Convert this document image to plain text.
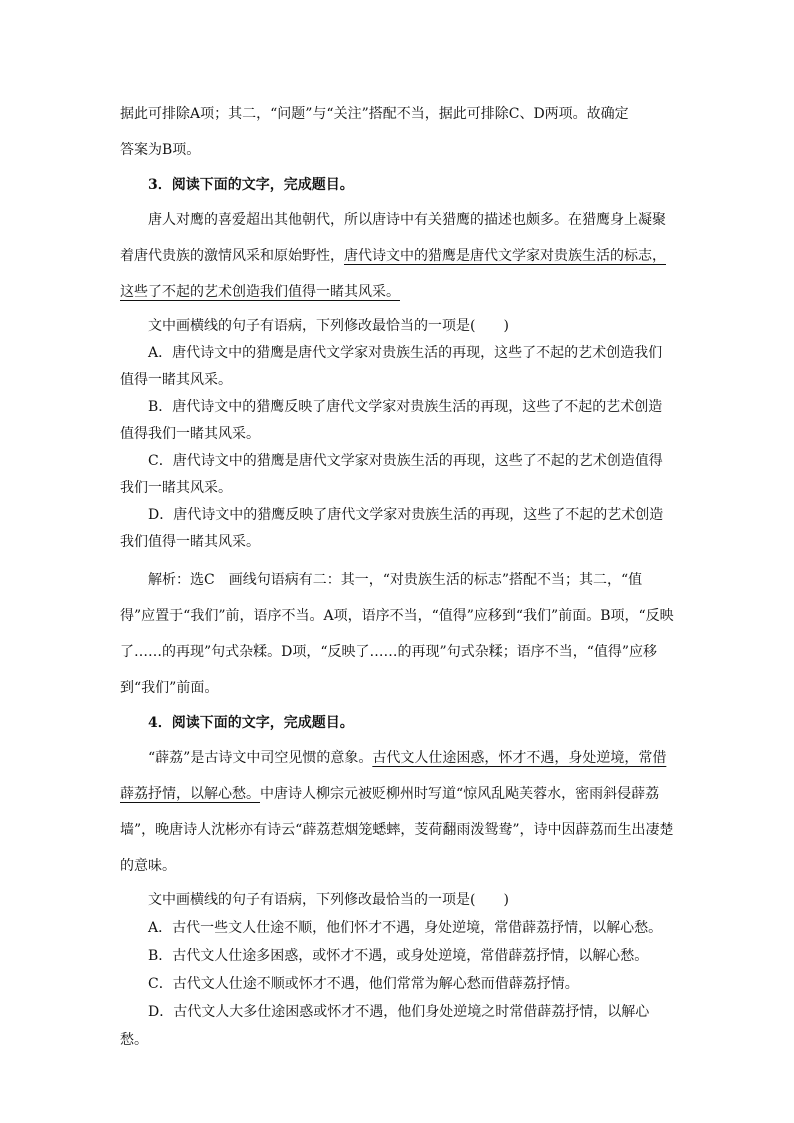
据此可排除A项；其二，“问题”与“关注”搭配不当，据此可排除C、D两项。故确定
答案为B项。

3．阅读下面的文字，完成题目。

唐人对鹰的喜爱超出其他朝代，所以唐诗中有关猎鹰的描述也颇多。在猎鹰身上凝聚着唐代贵族的激情风采和原始野性，唐代诗文中的猎鹰是唐代文学家对贵族生活的标志，这些了不起的艺术创造我们值得一睹其风采。

文中画横线的句子有语病，下列修改最恰当的一项是(　　)

A．唐代诗文中的猎鹰是唐代文学家对贵族生活的再现，这些了不起的艺术创造我们值得一睹其风采。

B．唐代诗文中的猎鹰反映了唐代文学家对贵族生活的再现，这些了不起的艺术创造值得我们一睹其风采。

C．唐代诗文中的猎鹰是唐代文学家对贵族生活的再现，这些了不起的艺术创造值得我们一睹其风采。

D．唐代诗文中的猎鹰反映了唐代文学家对贵族生活的再现，这些了不起的艺术创造我们值得一睹其风采。

解析：选C　画线句语病有二：其一，“对贵族生活的标志”搭配不当；其二，“值得”应置于“我们”前，语序不当。A项，语序不当，“值得”应移到“我们”前面。B项，“反映了……的再现”句式杂糅。D项，“反映了……的再现”句式杂糅；语序不当，“值得”应移到“我们”前面。

4．阅读下面的文字，完成题目。

“薜荔”是古诗文中司空见惯的意象。古代文人仕途困惑，怀才不遇，身处逆境，常借薜荔抒情，以解心愁。中唐诗人柳宗元被贬柳州时写道“惊风乱飐芙蓉水，密雨斜侵薜荔墙”，晚唐诗人沈彬亦有诗云“薜荔惹烟笼蟋蟀，芰荷翻雨泼鸳鸯”，诗中因薜荔而生出凄楚的意味。

文中画横线的句子有语病，下列修改最恰当的一项是(　　)

A．古代一些文人仕途不顺，他们怀才不遇，身处逆境，常借薜荔抒情，以解心愁。

B．古代文人仕途多困惑，或怀才不遇，或身处逆境，常借薜荔抒情，以解心愁。

C．古代文人仕途不顺或怀才不遇，他们常常为解心愁而借薜荔抒情。

D．古代文人大多仕途困惑或怀才不遇，他们身处逆境之时常借薜荔抒情，以解心愁。
